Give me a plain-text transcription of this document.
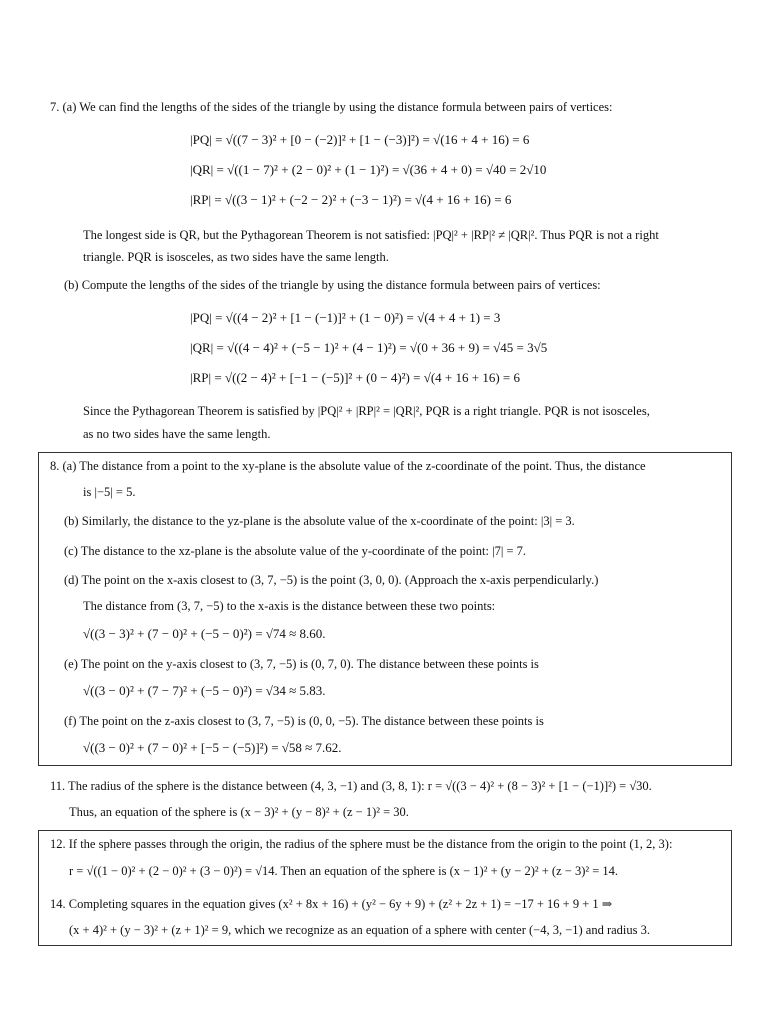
7. (a) We can find the lengths of the sides of the triangle by using the distance formula between pairs of vertices:
|PQ| = √((7 − 3)² + [0 − (−2)]² + [1 − (−3)]²) = √(16 + 4 + 16) = 6
|QR| = √((1 − 7)² + (2 − 0)² + (1 − 1)²) = √(36 + 4 + 0) = √40 = 2√10
|RP| = √((3 − 1)² + (−2 − 2)² + (−3 − 1)²) = √(4 + 16 + 16) = 6
The longest side is QR, but the Pythagorean Theorem is not satisfied: |PQ|² + |RP|² ≠ |QR|². Thus PQR is not a right
triangle. PQR is isosceles, as two sides have the same length.
(b) Compute the lengths of the sides of the triangle by using the distance formula between pairs of vertices:
|PQ| = √((4 − 2)² + [1 − (−1)]² + (1 − 0)²) = √(4 + 4 + 1) = 3
|QR| = √((4 − 4)² + (−5 − 1)² + (4 − 1)²) = √(0 + 36 + 9) = √45 = 3√5
|RP| = √((2 − 4)² + [−1 − (−5)]² + (0 − 4)²) = √(4 + 16 + 16) = 6
Since the Pythagorean Theorem is satisfied by |PQ|² + |RP|² = |QR|², PQR is a right triangle. PQR is not isosceles,
as no two sides have the same length.
8. (a) The distance from a point to the xy-plane is the absolute value of the z-coordinate of the point. Thus, the distance
is |−5| = 5.
(b) Similarly, the distance to the yz-plane is the absolute value of the x-coordinate of the point: |3| = 3.
(c) The distance to the xz-plane is the absolute value of the y-coordinate of the point: |7| = 7.
(d) The point on the x-axis closest to (3, 7, −5) is the point (3, 0, 0). (Approach the x-axis perpendicularly.)
The distance from (3, 7, −5) to the x-axis is the distance between these two points:
√((3 − 3)² + (7 − 0)² + (−5 − 0)²) = √74 ≈ 8.60.
(e) The point on the y-axis closest to (3, 7, −5) is (0, 7, 0). The distance between these points is
√((3 − 0)² + (7 − 7)² + (−5 − 0)²) = √34 ≈ 5.83.
(f) The point on the z-axis closest to (3, 7, −5) is (0, 0, −5). The distance between these points is
√((3 − 0)² + (7 − 0)² + [−5 − (−5)]²) = √58 ≈ 7.62.
11. The radius of the sphere is the distance between (4, 3, −1) and (3, 8, 1): r = √((3 − 4)² + (8 − 3)² + [1 − (−1)]²) = √30.
Thus, an equation of the sphere is (x − 3)² + (y − 8)² + (z − 1)² = 30.
12. If the sphere passes through the origin, the radius of the sphere must be the distance from the origin to the point (1, 2, 3):
r = √((1 − 0)² + (2 − 0)² + (3 − 0)²) = √14. Then an equation of the sphere is (x − 1)² + (y − 2)² + (z − 3)² = 14.
14. Completing squares in the equation gives (x² + 8x + 16) + (y² − 6y + 9) + (z² + 2z + 1) = −17 + 16 + 9 + 1 ⇒
(x + 4)² + (y − 3)² + (z + 1)² = 9, which we recognize as an equation of a sphere with center (−4, 3, −1) and radius 3.
